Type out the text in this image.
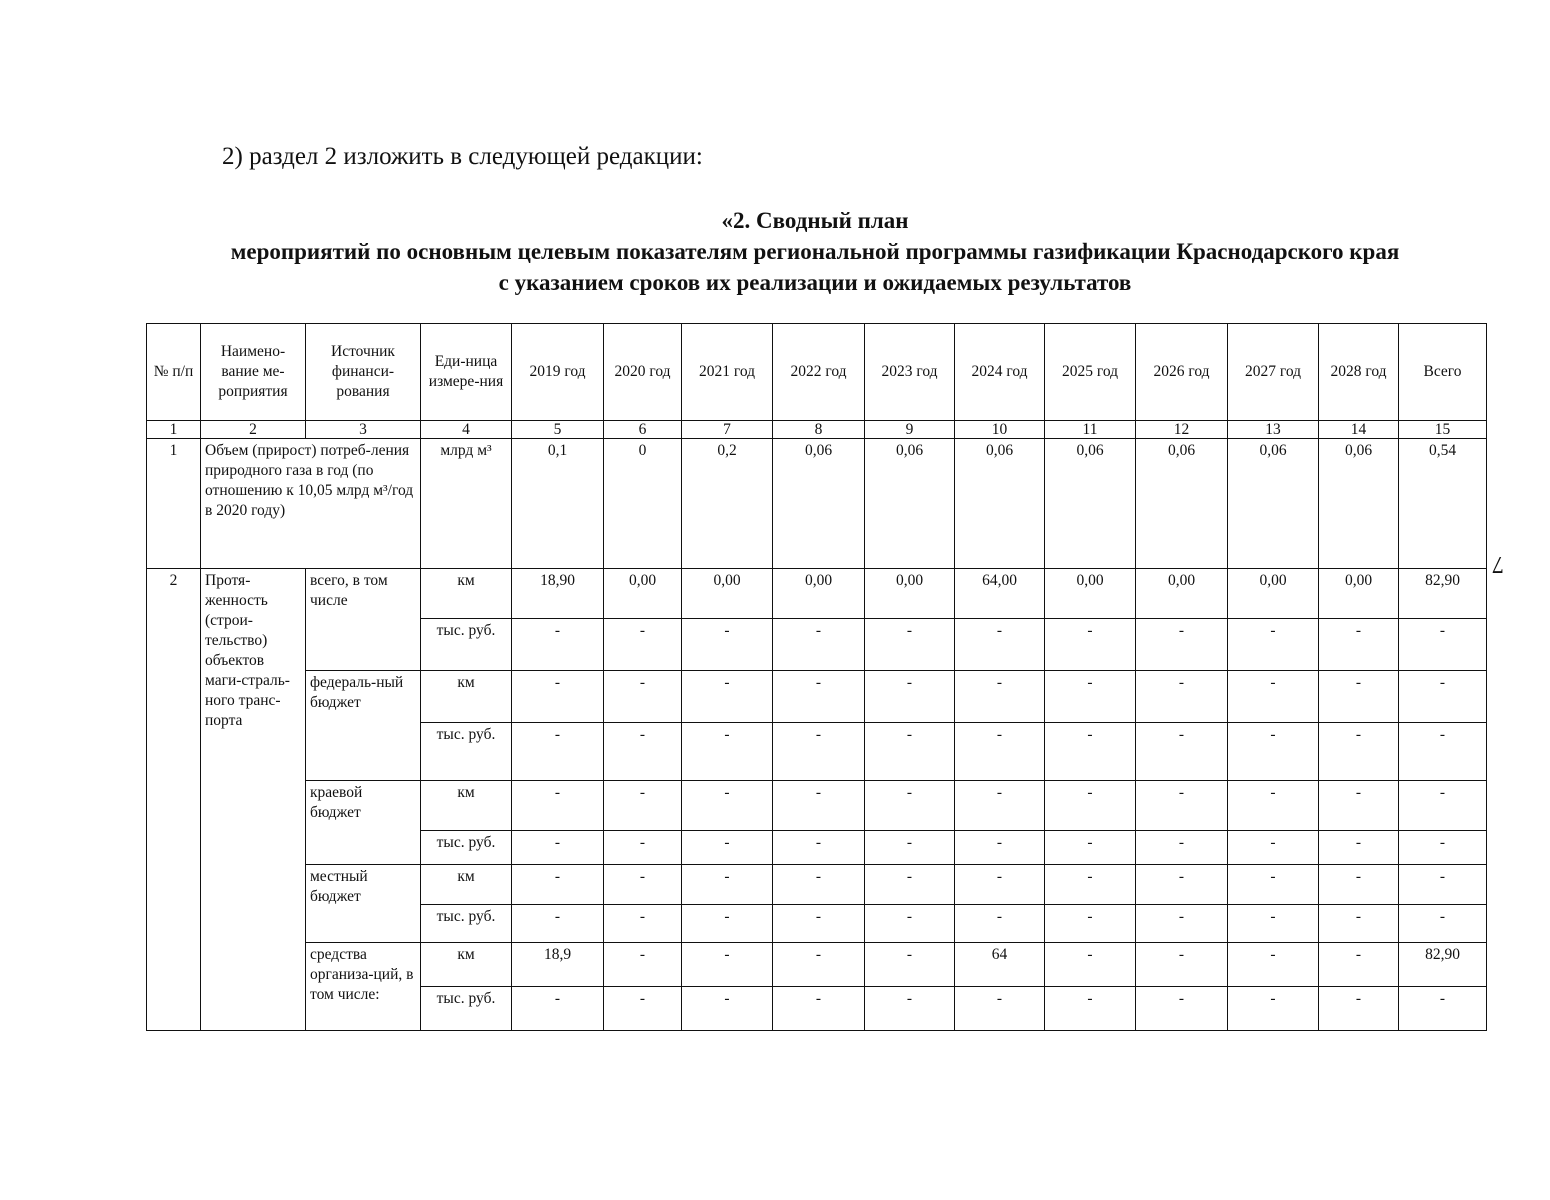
2) раздел 2 изложить в следующей редакции:
«2. Сводный план
мероприятий по основным целевым показателям региональной программы газификации Краснодарского края
с указанием сроков их реализации и ожидаемых результатов
7
№ п/п	Наимено-вание ме-роприятия	Источник финанси-рования	Еди-ница измере-ния	2019 год	2020 год	2021 год	2022 год	2023 год	2024 год	2025 год	2026 год	2027 год	2028 год	Всего
1	2	3	4	5	6	7	8	9	10	11	12	13	14	15
1	Объем (прирост) потреб-ления природного газа в год (по отношению к 10,05 млрд м³/год в 2020 году)		млрд м³	0,1	0	0,2	0,06	0,06	0,06	0,06	0,06	0,06	0,06	0,54
2	Протя-женность (строи-тельство) объектов маги-страль-ного транс-порта	всего, в том числе	км	18,90	0,00	0,00	0,00	0,00	64,00	0,00	0,00	0,00	0,00	82,90
			тыс. руб.	-	-	-	-	-	-	-	-	-	-	-
		федераль-ный бюджет	км	-	-	-	-	-	-	-	-	-	-	-
			тыс. руб.	-	-	-	-	-	-	-	-	-	-	-
		краевой бюджет	км	-	-	-	-	-	-	-	-	-	-	-
			тыс. руб.	-	-	-	-	-	-	-	-	-	-	-
		местный бюджет	км	-	-	-	-	-	-	-	-	-	-	-
			тыс. руб.	-	-	-	-	-	-	-	-	-	-	-
		средства организа-ций, в том числе:	км	18,9	-	-	-	-	64	-	-	-	-	82,90
			тыс. руб.	-	-	-	-	-	-	-	-	-	-	-
